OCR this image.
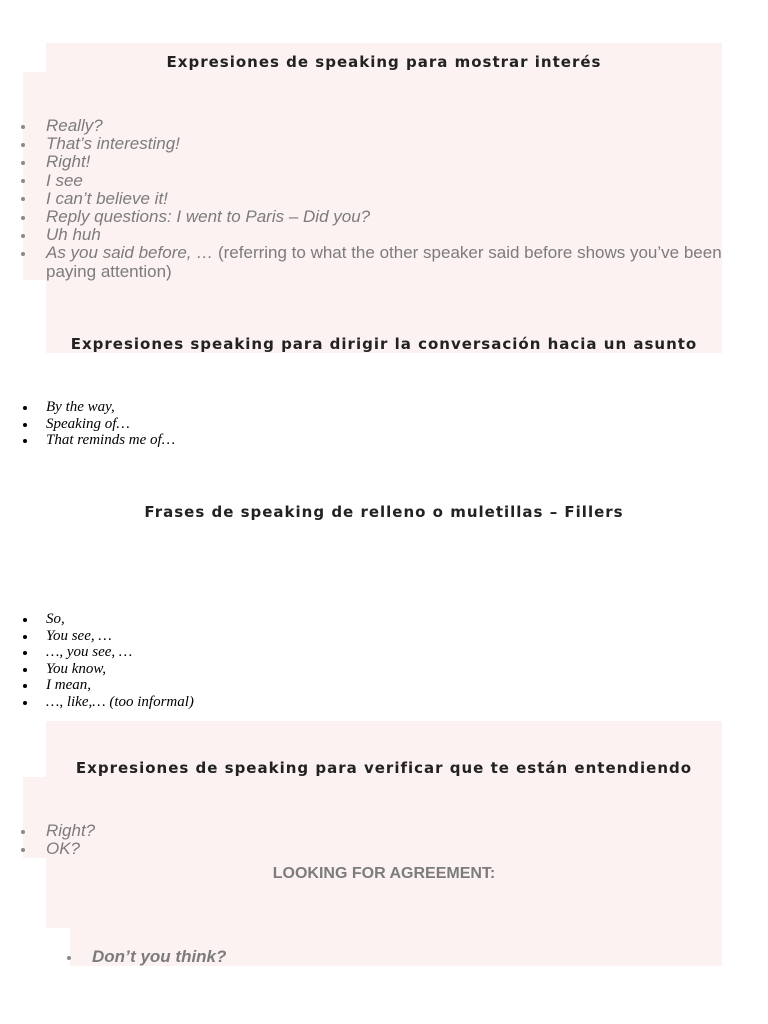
Expresiones de speaking para mostrar interés
Really?
That’s interesting!
Right!
I see
I can’t believe it!
Reply questions: I went to Paris – Did you?
Uh huh
As you said before, … (referring to what the other speaker said before shows you’ve been paying attention)
Expresiones speaking para dirigir la conversación hacia un asunto
By the way,
Speaking of…
That reminds me of…
Frases de speaking de relleno o muletillas – Fillers
So,
You see, …
…, you see, …
You know,
I mean,
…, like,… (too informal)
Expresiones de speaking para verificar que te están entendiendo
Right?
OK?
LOOKING FOR AGREEMENT:
Don’t you think?
